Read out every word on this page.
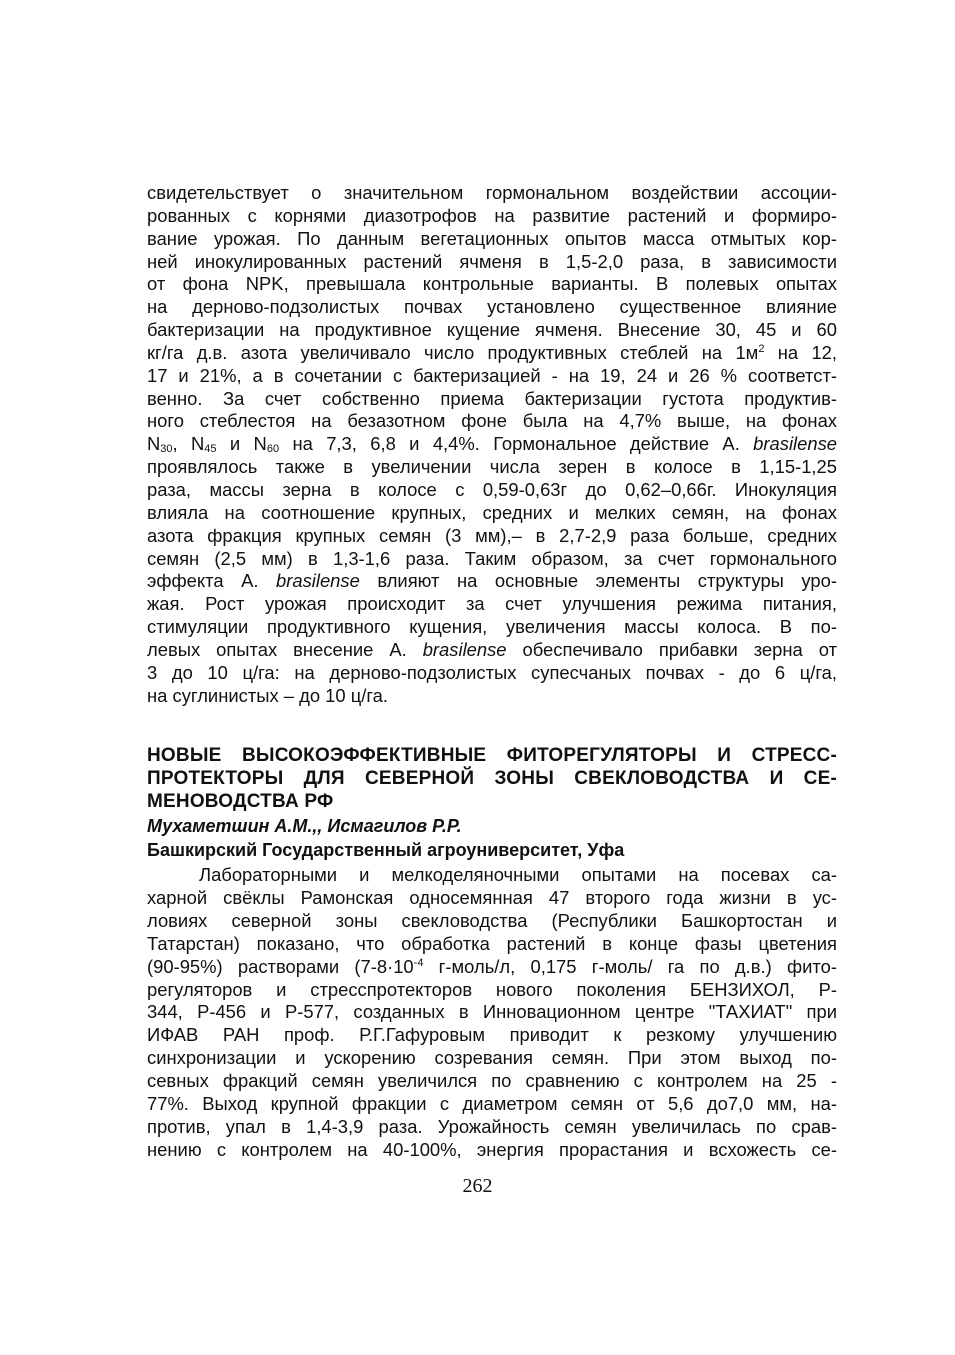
свидетельствует о значительном гормональном воздействии ассоции-
рованных с корнями диазотрофов на развитие растений и формиро-
вание урожая. По данным вегетационных опытов масса отмытых кор-
ней инокулированных растений ячменя в 1,5-2,0 раза, в зависимости
от фона NPK, превышала контрольные варианты. В полевых опытах
на дерново-подзолистых почвах установлено существенное влияние
бактеризации на продуктивное кущение ячменя. Внесение 30, 45 и 60
кг/га д.в. азота увеличивало число продуктивных стеблей на $1м^2$ на 12,
17 и 21%, а в сочетании с бактеризацией - на 19, 24 и 26 % соответст-
венно. За счет собственно приема бактеризации густота продуктив-
ного стеблестоя на безазотном фоне была на 4,7% выше, на фонах
$N_{30}$, $N_{45}$ и $N_{60}$ на 7,3, 6,8 и 4,4%. Гормональное действие А. brasilense
проявлялось также в увеличении числа зерен в колосе в 1,15-1,25
раза, массы зерна в колосе с 0,59-0,63г до 0,62–0,66г. Инокуляция
влияла на соотношение крупных, средних и мелких семян, на фонах
азота фракция крупных семян (3 мм),– в 2,7-2,9 раза больше, средних
семян (2,5 мм) в 1,3-1,6 раза. Таким образом, за счет гормонального
эффекта А. brasilense влияют на основные элементы структуры уро-
жая. Рост урожая происходит за счет улучшения режима питания,
стимуляции продуктивного кущения, увеличения массы колоса. В по-
левых опытах внесение А. brasilense обеспечивало прибавки зерна от
3 до 10 ц/га: на дерново-подзолистых супесчаных почвах - до 6 ц/га,
на суглинистых – до 10 ц/га.
НОВЫЕ ВЫСОКОЭФФЕКТИВНЫЕ ФИТОРЕГУЛЯТОРЫ И СТРЕСС-
ПРОТЕКТОРЫ ДЛЯ СЕВЕРНОЙ ЗОНЫ СВЕКЛОВОДСТВА И СЕ-
МЕНОВОДСТВА РФ
Мухаметшин А.М.,, Исмагилов Р.Р.
Башкирский Государственный агроуниверситет, Уфа
Лабораторными и мелкоделяночными опытами на посевах са-
харной свёклы Рамонская односемянная 47 второго года жизни в ус-
ловиях северной зоны свекловодства (Республики Башкортостан и
Татарстан) показано, что обработка растений в конце фазы цветения
(90-95%) растворами ($7-8\cdot 10^{-4}$ г-моль/л, 0,175 г-моль/ га по д.в.) фито-
регуляторов и стресспротекторов нового поколения БЕНЗИХОЛ, Р-
344, Р-456 и Р-577, созданных в Инновационном центре "ТАХИАТ" при
ИФАВ РАН проф. Р.Г.Гафуровым приводит к резкому улучшению
синхронизации и ускорению созревания семян. При этом выход по-
севных фракций семян увеличился по сравнению с контролем на 25 -
77%. Выход крупной фракции с диаметром семян от 5,6 до7,0 мм, на-
против, упал в 1,4-3,9 раза. Урожайность семян увеличилась по срав-
нению с контролем на 40-100%, энергия прорастания и всхожесть се-
262
